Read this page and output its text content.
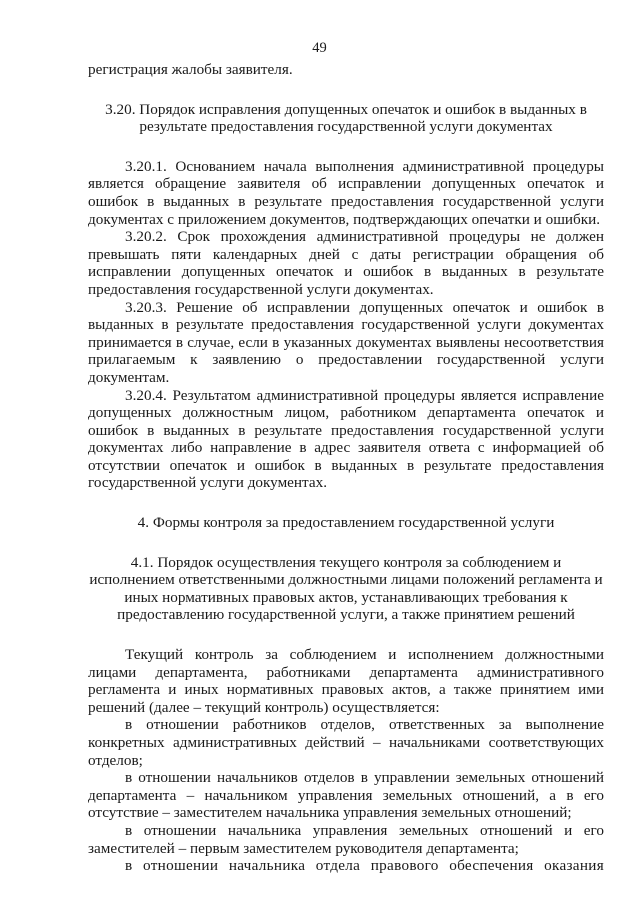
49

регистрация жалобы заявителя.

3.20. Порядок исправления допущенных опечаток и ошибок в выданных в результате предоставления государственной услуги документах

3.20.1. Основанием начала выполнения административной процедуры является обращение заявителя об исправлении допущенных опечаток и ошибок в выданных в результате предоставления государственной услуги документах с приложением документов, подтверждающих опечатки и ошибки.

3.20.2. Срок прохождения административной процедуры не должен превышать пяти календарных дней с даты регистрации обращения об исправлении допущенных опечаток и ошибок в выданных в результате предоставления государственной услуги документах.

3.20.3. Решение об исправлении допущенных опечаток и ошибок в выданных в результате предоставления государственной услуги документах принимается в случае, если в указанных документах выявлены несоответствия прилагаемым к заявлению о предоставлении государственной услуги документам.

3.20.4. Результатом административной процедуры является исправление допущенных должностным лицом, работником департамента опечаток и ошибок в выданных в результате предоставления государственной услуги документах либо направление в адрес заявителя ответа с информацией об отсутствии опечаток и ошибок в выданных в результате предоставления государственной услуги документах.

4. Формы контроля за предоставлением государственной услуги

4.1. Порядок осуществления текущего контроля за соблюдением и исполнением ответственными должностными лицами положений регламента и иных нормативных правовых актов, устанавливающих требования к предоставлению государственной услуги, а также принятием решений

Текущий контроль за соблюдением и исполнением должностными лицами департамента, работниками департамента административного регламента и иных нормативных правовых актов, а также принятием ими решений (далее – текущий контроль) осуществляется:

в отношении работников отделов, ответственных за выполнение конкретных административных действий – начальниками соответствующих отделов;

в отношении начальников отделов в управлении земельных отношений департамента – начальником управления земельных отношений, а в его отсутствие – заместителем начальника управления земельных отношений;

в отношении начальника управления земельных отношений и его заместителей – первым заместителем руководителя департамента;

в отношении начальника отдела правового обеспечения оказания
